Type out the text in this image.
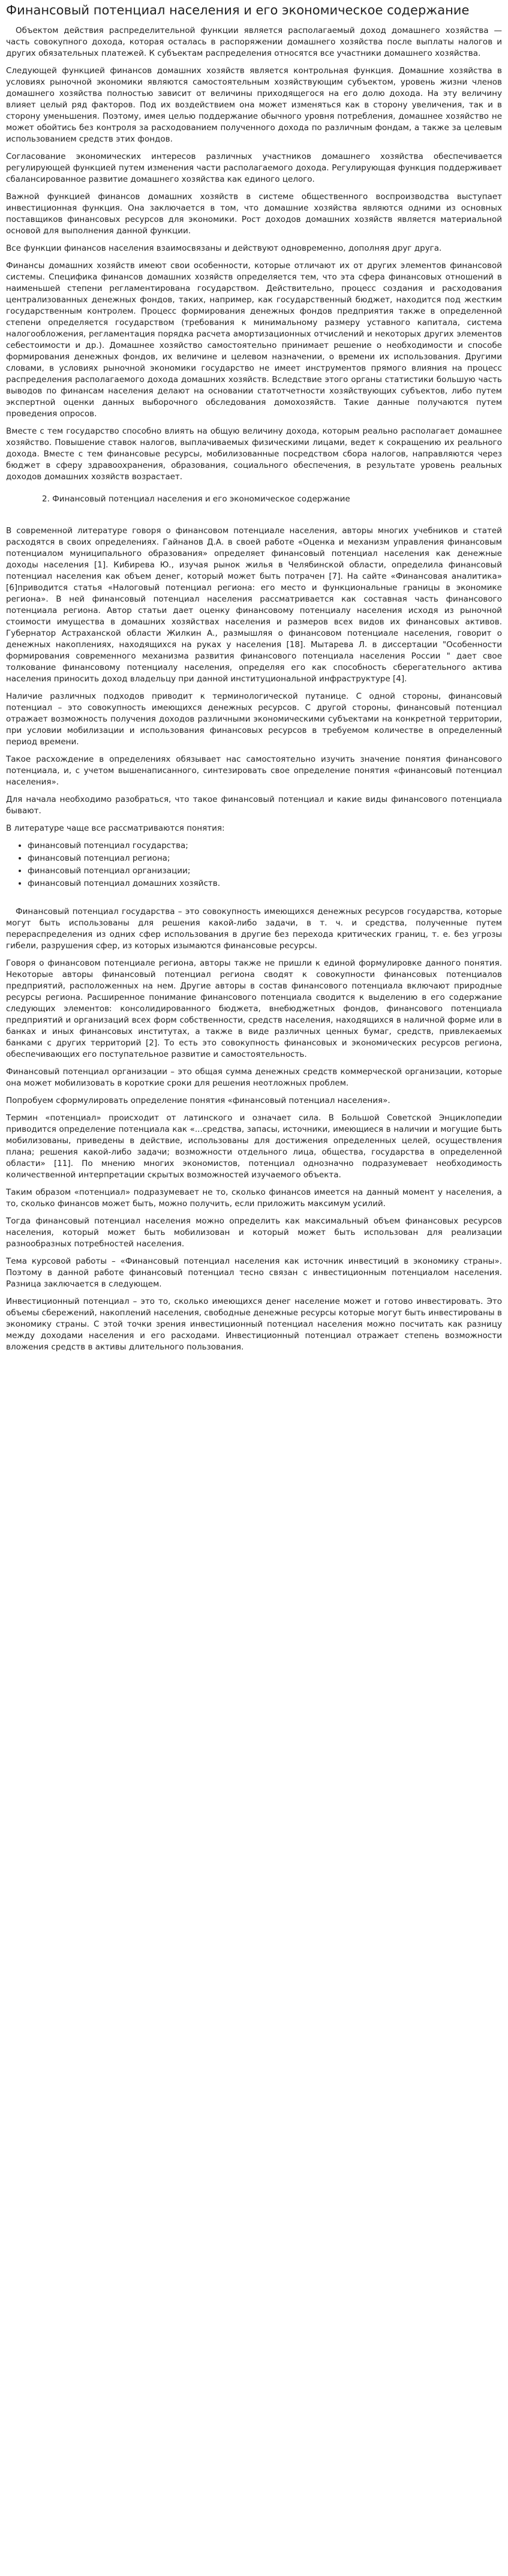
Финансовый потенциал населения и его экономическое содержание

Объектом действия распределительной функции является располагаемый доход домашнего хозяйства — часть совокупного дохода, которая осталась в распоряжении домашнего хозяйства после выплаты налогов и других обязательных платежей. К субъектам распределения относятся все участники домашнего хозяйства.

Следующей функцией финансов домашних хозяйств является контрольная функция. Домашние хозяйства в условиях рыночной экономики являются самостоятельным хозяйствующим субъектом, уровень жизни членов домашнего хозяйства полностью зависит от величины приходящегося на его долю дохода. На эту величину влияет целый ряд факторов. Под их воздействием она может изменяться как в сторону увеличения, так и в сторону уменьшения. Поэтому, имея целью поддержание обычного уровня потребления, домашнее хозяйство не может обойтись без контроля за расходованием полученного дохода по различным фондам, а также за целевым использованием средств этих фондов.

Согласование экономических интересов различных участников домашнего хозяйства обеспечивается регулирующей функцией путем изменения части располагаемого дохода. Регулирующая функция поддерживает сбалансированное развитие домашнего хозяйства как единого целого.

Важной функцией финансов домашних хозяйств в системе общественного воспроизводства выступает инвестиционная функция. Она заключается в том, что домашние хозяйства являются одними из основных поставщиков финансовых ресурсов для экономики. Рост доходов домашних хозяйств является материальной основой для выполнения данной функции.

Все функции финансов населения взаимосвязаны и действуют одновременно, дополняя друг друга.

Финансы домашних хозяйств имеют свои особенности, которые отличают их от других элементов финансовой системы. Специфика финансов домашних хозяйств определяется тем, что эта сфера финансовых отношений в наименьшей степени регламентирована государством. Действительно, процесс создания и расходования централизованных денежных фондов, таких, например, как государственный бюджет, находится под жестким государственным контролем. Процесс формирования денежных фондов предприятия также в определенной степени определяется государством (требования к минимальному размеру уставного капитала, система налогообложения, регламентация порядка расчета амортизационных отчислений и некоторых других элементов себестоимости и др.). Домашнее хозяйство самостоятельно принимает решение о необходимости и способе формирования денежных фондов, их величине и целевом назначении, о времени их использования. Другими словами, в условиях рыночной экономики государство не имеет инструментов прямого влияния на процесс распределения располагаемого дохода домашних хозяйств. Вследствие этого органы статистики большую часть выводов по финансам населения делают на основании статотчетности хозяйствующих субъектов, либо путем экспертной оценки данных выборочного обследования домохозяйств. Такие данные получаются путем проведения опросов.

Вместе с тем государство способно влиять на общую величину дохода, которым реально располагает домашнее хозяйство. Повышение ставок налогов, выплачиваемых физическими лицами, ведет к сокращению их реального дохода. Вместе с тем финансовые ресурсы, мобилизованные посредством сбора налогов, направляются через бюджет в сферу здравоохранения, образования, социального обеспечения, в результате уровень реальных доходов домашних хозяйств возрастает.

2. Финансовый потенциал населения и его экономическое содержание

В современной литературе говоря о финансовом потенциале населения, авторы многих учебников и статей расходятся в своих определениях. Гайнанов Д.А. в своей работе «Оценка и механизм управления финансовым потенциалом муниципального образования» определяет финансовый потенциал населения как денежные доходы населения [1]. Кибирева Ю., изучая рынок жилья в Челябинской области, определила финансовый потенциал населения как объем денег, который может быть потрачен [7]. На сайте «Финансовая аналитика» [6]приводится статья «Налоговый потенциал региона: его место и функциональные границы в экономике региона». В ней финансовый потенциал населения рассматривается как составная часть финансового потенциала региона. Автор статьи дает оценку финансовому потенциалу населения исходя из рыночной стоимости имущества в домашних хозяйствах населения и размеров всех видов их финансовых активов. Губернатор Астраханской области Жилкин А., размышляя о финансовом потенциале населения, говорит о денежных накоплениях, находящихся на руках у населения [18]. Мытарева Л. в диссертации "Особенности формирования современного механизма развития финансового потенциала населения России " дает свое толкование финансовому потенциалу населения, определяя его как способность сберегательного актива населения приносить доход владельцу при данной институциональной инфраструктуре [4].

Наличие различных подходов приводит к терминологической путанице. С одной стороны, финансовый потенциал – это совокупность имеющихся денежных ресурсов. С другой стороны, финансовый потенциал отражает возможность получения доходов различными экономическими субъектами на конкретной территории, при условии мобилизации и использования финансовых ресурсов в требуемом количестве в определенный период времени.

Такое расхождение в определениях обязывает нас самостоятельно изучить значение понятия финансового потенциала, и, с учетом вышенаписанного, синтезировать свое определение понятия «финансовый потенциал населения».

Для начала необходимо разобраться, что такое финансовый потенциал и какие виды финансового потенциала бывают.

В литературе чаще все рассматриваются понятия:

• финансовый потенциал государства;
• финансовый потенциал региона;
• финансовый потенциал организации;
• финансовый потенциал домашних хозяйств.

Финансовый потенциал государства – это совокупность имеющихся денежных ресурсов государства, которые могут быть использованы для решения какой-либо задачи, в т. ч. и средства, полученные путем перераспределения из одних сфер использования в другие без перехода критических границ, т. е. без угрозы гибели, разрушения сфер, из которых изымаются финансовые ресурсы.

Говоря о финансовом потенциале региона, авторы также не пришли к единой формулировке данного понятия. Некоторые авторы финансовый потенциал региона сводят к совокупности финансовых потенциалов предприятий, расположенных на нем. Другие авторы в состав финансового потенциала включают природные ресурсы региона. Расширенное понимание финансового потенциала сводится к выделению в его содержание следующих элементов: консолидированного бюджета, внебюджетных фондов, финансового потенциала предприятий и организаций всех форм собственности, средств населения, находящихся в наличной форме или в банках и иных финансовых институтах, а также в виде различных ценных бумаг, средств, привлекаемых банками с других территорий [2]. То есть это совокупность финансовых и экономических ресурсов региона, обеспечивающих его поступательное развитие и самостоятельность.

Финансовый потенциал организации – это общая сумма денежных средств коммерческой организации, которые она может мобилизовать в короткие сроки для решения неотложных проблем.

Попробуем сформулировать определение понятия «финансовый потенциал населения».

Термин «потенциал» происходит от латинского и означает сила. В Большой Советской Энциклопедии приводится определение потенциала как «...средства, запасы, источники, имеющиеся в наличии и могущие быть мобилизованы, приведены в действие, использованы для достижения определенных целей, осуществления плана; решения какой-либо задачи; возможности отдельного лица, общества, государства в определенной области» [11]. По мнению многих экономистов, потенциал однозначно подразумевает необходимость количественной интерпретации скрытых возможностей изучаемого объекта.

Таким образом «потенциал» подразумевает не то, сколько финансов имеется на данный момент у населения, а то, сколько финансов может быть, можно получить, если приложить максимум усилий.

Тогда финансовый потенциал населения можно определить как максимальный объем финансовых ресурсов населения, который может быть мобилизован и который может быть использован для реализации разнообразных потребностей населения.

Тема курсовой работы – «Финансовый потенциал населения как источник инвестиций в экономику страны». Поэтому в данной работе финансовый потенциал тесно связан с инвестиционным потенциалом населения. Разница заключается в следующем.

Инвестиционный потенциал – это то, сколько имеющихся денег население может и готово инвестировать. Это объемы сбережений, накоплений населения, свободные денежные ресурсы которые могут быть инвестированы в экономику страны. С этой точки зрения инвестиционный потенциал населения можно посчитать как разницу между доходами населения и его расходами. Инвестиционный потенциал отражает степень возможности вложения средств в активы длительного пользования.
